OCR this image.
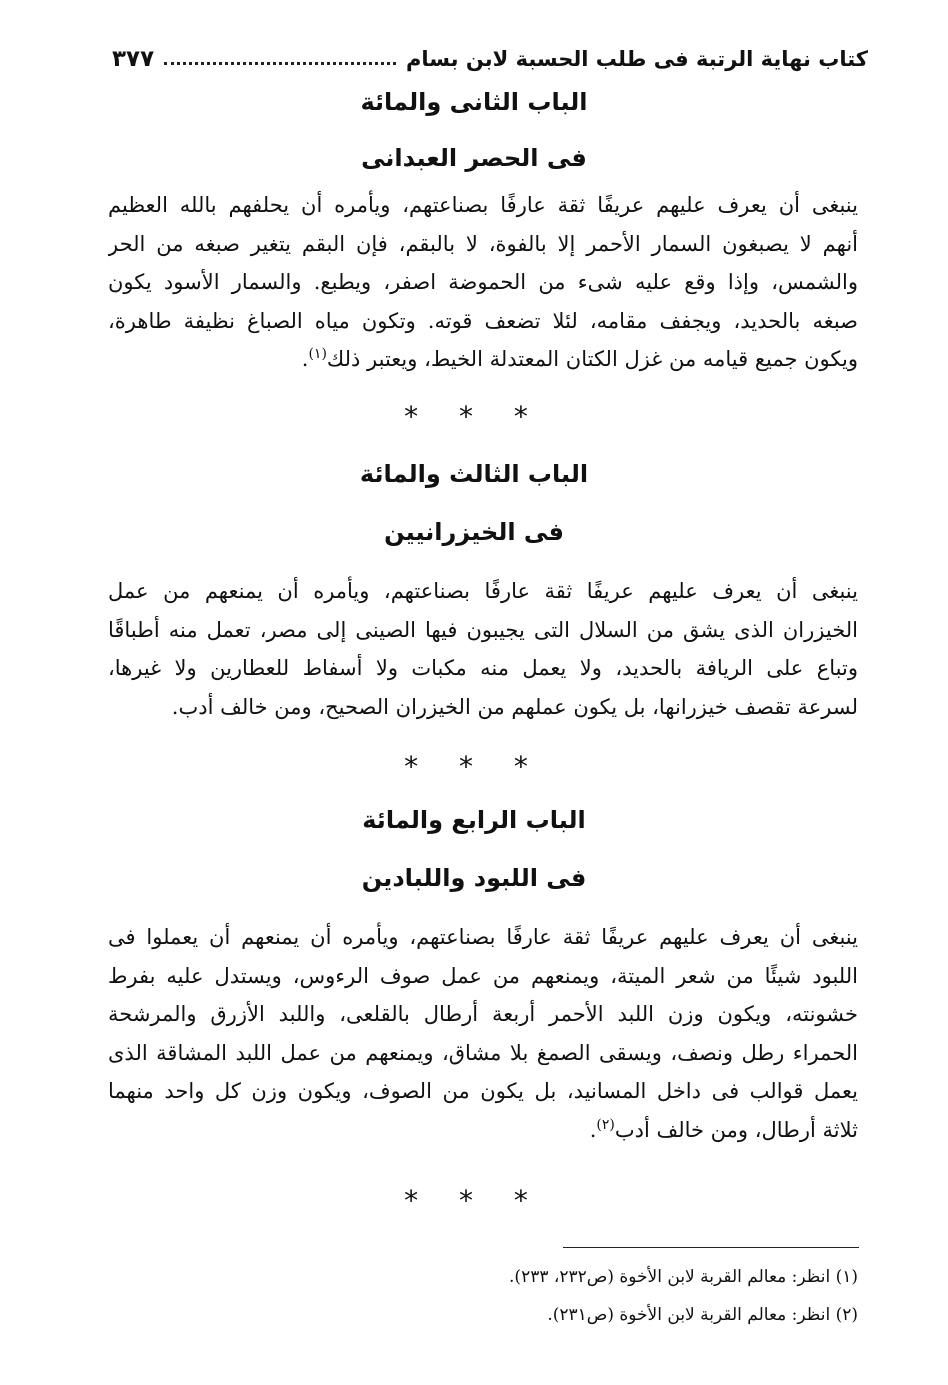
كتاب نهاية الرتبة فى طلب الحسبة لابن بسام
٣٧٧
الباب الثانى والمائة
فى الحصر العبدانى
ينبغى أن يعرف عليهم عريفًا ثقة عارفًا بصناعتهم، ويأمره أن يحلفهم بالله العظيم
أنهم لا يصبغون السمار الأحمر إلا بالفوة، لا بالبقم، فإن البقم يتغير صبغه من الحر
والشمس، وإذا وقع عليه شىء من الحموضة اصفر، ويطبع. والسمار الأسود يكون
صبغه بالحديد، ويجفف مقامه، لئلا تضعف قوته. وتكون مياه الصباغ نظيفة طاهرة،
ويكون جميع قيامه من غزل الكتان المعتدلة الخيط، ويعتبر ذلك$^{(١)}$.
* * *
الباب الثالث والمائة
فى الخيزرانيين
ينبغى أن يعرف عليهم عريفًا ثقة عارفًا بصناعتهم، ويأمره أن يمنعهم من عمل
الخيزران الذى يشق من السلال التى يجيبون فيها الصينى إلى مصر، تعمل منه أطباقًا
وتباع على الريافة بالحديد، ولا يعمل منه مكبات ولا أسفاط للعطارين ولا غيرها،
لسرعة تقصف خيزرانها، بل يكون عملهم من الخيزران الصحيح، ومن خالف أدب.
* * *
الباب الرابع والمائة
فى اللبود واللبادين
ينبغى أن يعرف عليهم عريفًا ثقة عارفًا بصناعتهم، ويأمره أن يمنعهم أن يعملوا فى
اللبود شيئًا من شعر الميتة، ويمنعهم من عمل صوف الرءوس، ويستدل عليه بفرط
خشونته، ويكون وزن اللبد الأحمر أربعة أرطال بالقلعى، واللبد الأزرق والمرشحة
الحمراء رطل ونصف، ويسقى الصمغ بلا مشاق، ويمنعهم من عمل اللبد المشاقة الذى
يعمل قوالب فى داخل المسانيد، بل يكون من الصوف، ويكون وزن كل واحد منهما
ثلاثة أرطال، ومن خالف أدب$^{(٢)}$.
* * *
(١) انظر: معالم القربة لابن الأخوة (ص٢٣٢، ٢٣٣).
(٢) انظر: معالم القربة لابن الأخوة (ص٢٣١).
